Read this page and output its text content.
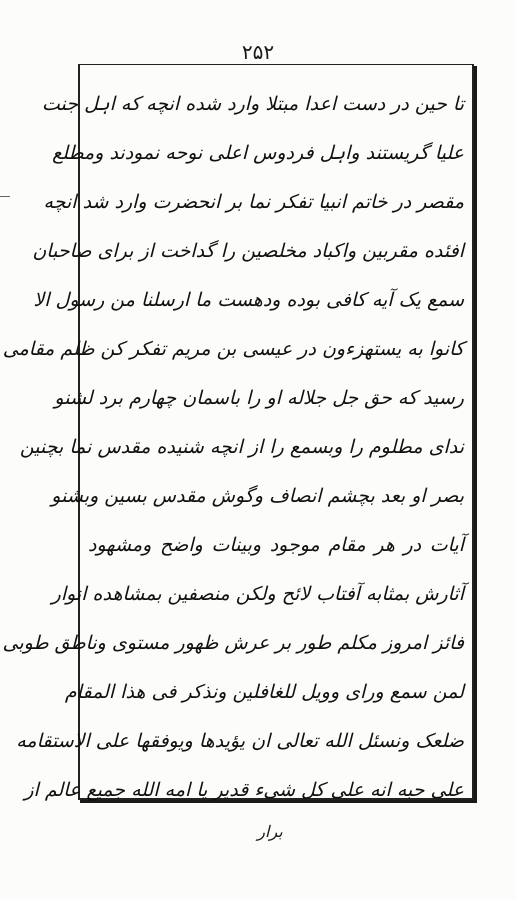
۲۵۲
تا حین در دست اعدا مبتلا وارد شده انچه که اہل جنت
علیا گریستند واہل فردوس اعلی نوحه نمودند ومطلع
مقصر در خاتم انبیا تفکر نما بر انحضرت وارد شد انچه
افئده مقربین واکباد مخلصین را گداخت از برای صاحبان
سمع یک آیه کافی بوده ودهست ما ارسلنا من رسول الا
کانوا به یستهزءون در عیسی بن مریم تفکر کن ظلم مقامی
رسید که حق جل جلاله او را باسمان چهارم برد لشنو
ندای مطلوم را وبسمع را از انچه شنیده مقدس نما بچنین
بصر او بعد بچشم انصاف وگوش مقدس بسین وبشنو
آیات در هر مقام موجود وبینات واضح ومشهود
آثارش بمثابه آفتاب لائح ولکن منصفین بمشاهده انوار
فائز امروز مکلم طور بر عرش ظهور مستوی وناطق طوبی
لمن سمع ورای وویل للغافلین ونذکر فی هذا المقام
ضلعک ونسئل الله تعالی ان یؤیدها ویوفقها علی الاستقامه
علی حبه انه علی کل شیء قدیر یا امه الله جمیع عالم از
برار
